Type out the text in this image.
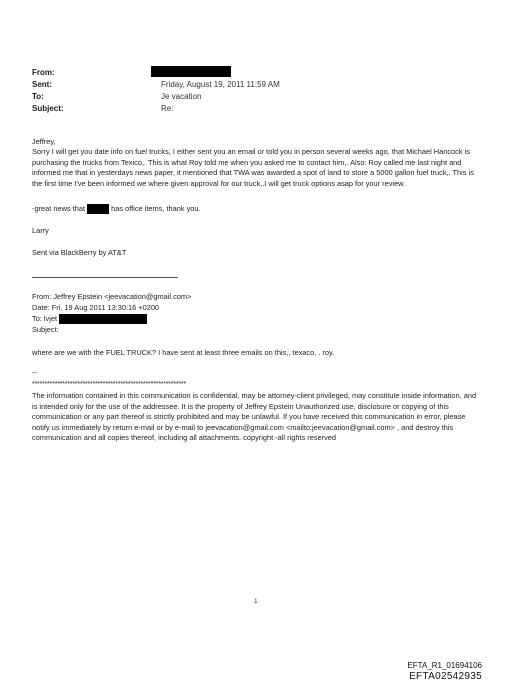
From:
Sent:	Friday, August 19, 2011 11:59 AM
To:	Je vacation
Subject:	Re:
Jeffrey,
Sorry I will get you date info on fuel trucks, I either sent you an email or told you in person several weeks ago, that Michael Hancock is purchasing the trucks from Texico,. This is what Roy told me when you asked me to contact him,. Also: Roy called me last night and informed me that in yesterdays news paper, it mentioned that TWA was awarded a spot of land to store a 5000 gallon fuel truck,. This is the first time I've been informed we where given approval for our truck,.I will get truck options asap for your review.
-great news that	has office items, thank you.
Larry
Sent via BlackBerry by AT&T
From: Jeffrey Epstein <jeevacation@gmail.com>
Date: Fri, 19 Aug 2011 13:30:16 +0200
To: lvjet
Subject:
where are we with the FUEL TRUCK? I have sent at least three emails on this,, texaco, . roy.
--
*************************************************************
The information contained in this communication is confidential, may be attorney-client privileged, may constitute inside information, and is intended only for the use of the addressee. It is the property of Jeffrey Epstein Unauthorized use, disclosure or copying of this communication or any part thereof is strictly prohibited and may be unlawful. If you have received this communication in error, please notify us immediately by return e-mail or by e-mail to jeevacation@gmail.com <mailto:jeevacation@gmail.com> , and destroy this communication and all copies thereof, including all attachments. copyright -all rights reserved
1
EFTA_R1_01694106
EFTA02542935
